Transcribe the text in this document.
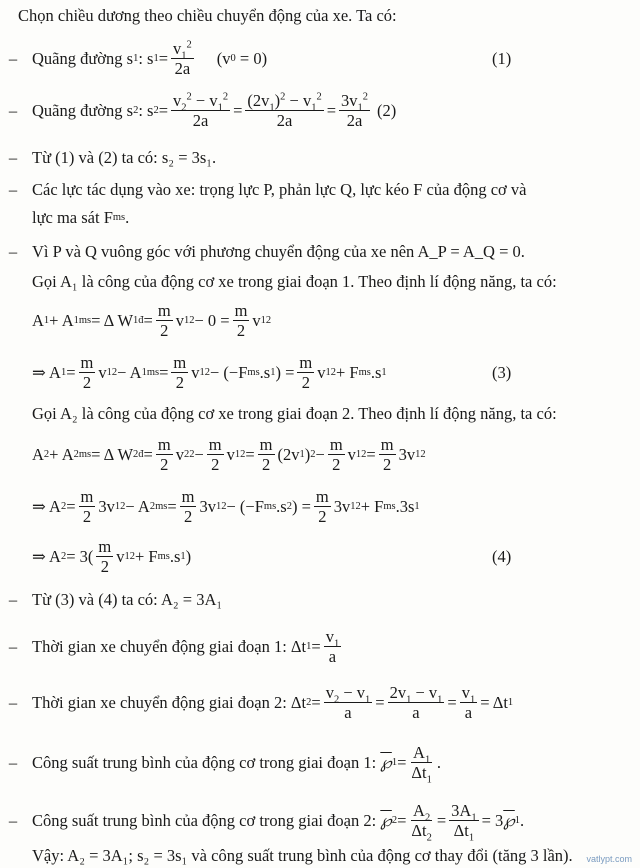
Chọn chiều dương theo chiều chuyển động của xe. Ta có:
– Quãng đường s 1 : s $1 = \frac{v_1^2}{2a} (v$ 0
= 0)	(1)
– Quãng đường s 2 : s $2 = \frac{v_2^2 - v_1^2}{2a} = \frac{(2v_1)^2 - v_1^2}{2a} = \frac{3v_1^2}{2a} (2)$
– Từ (1) và (2) ta có: s₂ = 3s₁.
– Các lực tác dụng vào xe: trọng lực P, phản lực Q, lực kéo F của động cơ và
lực ma sát F ms .
– Vì P và Q vuông góc với phương chuyển động của xe nên A_P = A_Q = 0.
Gọi A₁ là công của động cơ xe trong giai đoạn 1. Theo định lí động năng, ta có:
A 1 + A 1ms = Δ W 1đ = $\frac{m}{2}$ v 1 $2 - 0 = \frac{m}{2}$ v 1 2
⇒ A $1 = \frac{m}{2}$ v 1 2 − A $1ms = \frac{m}{2}$ v 1 2 − (−F ms .s 1 ) = $\frac{m}{2}$ v 1 2 + F ms .s 1	(3)
Gọi A₂ là công của động cơ xe trong giai đoạn 2. Theo định lí động năng, ta có:
A 2 + A 2ms = Δ W 2đ = $\frac{m}{2}$ v 2 $2 - \frac{m}{2}$ v 1 $2 = \frac{m}{2} (2v$ 1 ) $2 - \frac{m}{2}$ v 1 $2 = \frac{m}{2} 3v$ 1 2
⇒ A $2 = \frac{m}{2} 3v$ 1 2 − A $2ms = \frac{m}{2} 3v$ 1 2 − (−F ms .s 2 ) = $\frac{m}{2} 3v$ 1 2 + F ms .3s 1
⇒ A $2 = 3( \frac{m}{2}$ v 1 2 + F ms .s 1 )	(4)
– Từ (3) và (4) ta có: A₂ = 3A₁
– Thời gian xe chuyển động giai đoạn 1: Δt $1 = \frac{v_1}{a}$
– Thời gian xe chuyển động giai đoạn 2: Δt $2 = \frac{v_2 - v_1}{a} = \frac{2v_1 - v_1}{a} = \frac{v_1}{a} = \Delta t$ 1
– Công suất trung bình của động cơ trong giai đoạn 1:
℘ $1 = \frac{A_1}{\Delta t_1}$ .
– Công suất trung bình của động cơ trong giai đoạn 2:
℘ $2 = \frac{A_2}{\Delta t_2} = \frac{3A_1}{\Delta t_1} = 3$ ℘ 1 .
Vậy: A₂ = 3A₁; s₂ = 3s₁ và công suất trung bình của động cơ thay đổi (tăng 3 lần). vatlypt.com
